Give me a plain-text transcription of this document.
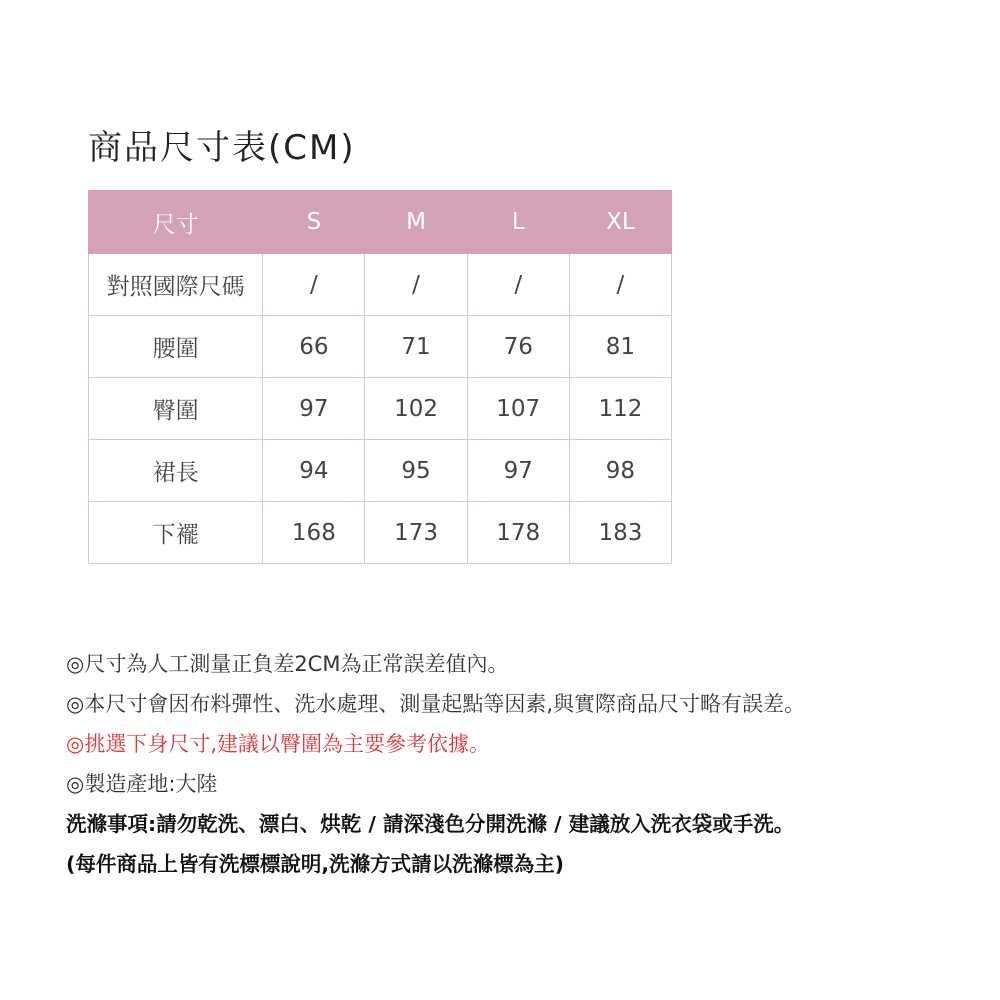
商品尺寸表(CM)
尺寸	S	M	L	XL
對照國際尺碼	/	/	/	/
腰圍	66	71	76	81
臀圍	97	102	107	112
裙長	94	95	97	98
下襬	168	173	178	183
◎尺寸為人工測量正負差2CM為正常誤差值內。
◎本尺寸會因布料彈性、洗水處理、測量起點等因素,與實際商品尺寸略有誤差。
◎挑選下身尺寸,建議以臀圍為主要參考依據。
◎製造產地:大陸
洗滌事項:請勿乾洗、漂白、烘乾 / 請深淺色分開洗滌 / 建議放入洗衣袋或手洗。
(每件商品上皆有洗標標說明,洗滌方式請以洗滌標為主)
